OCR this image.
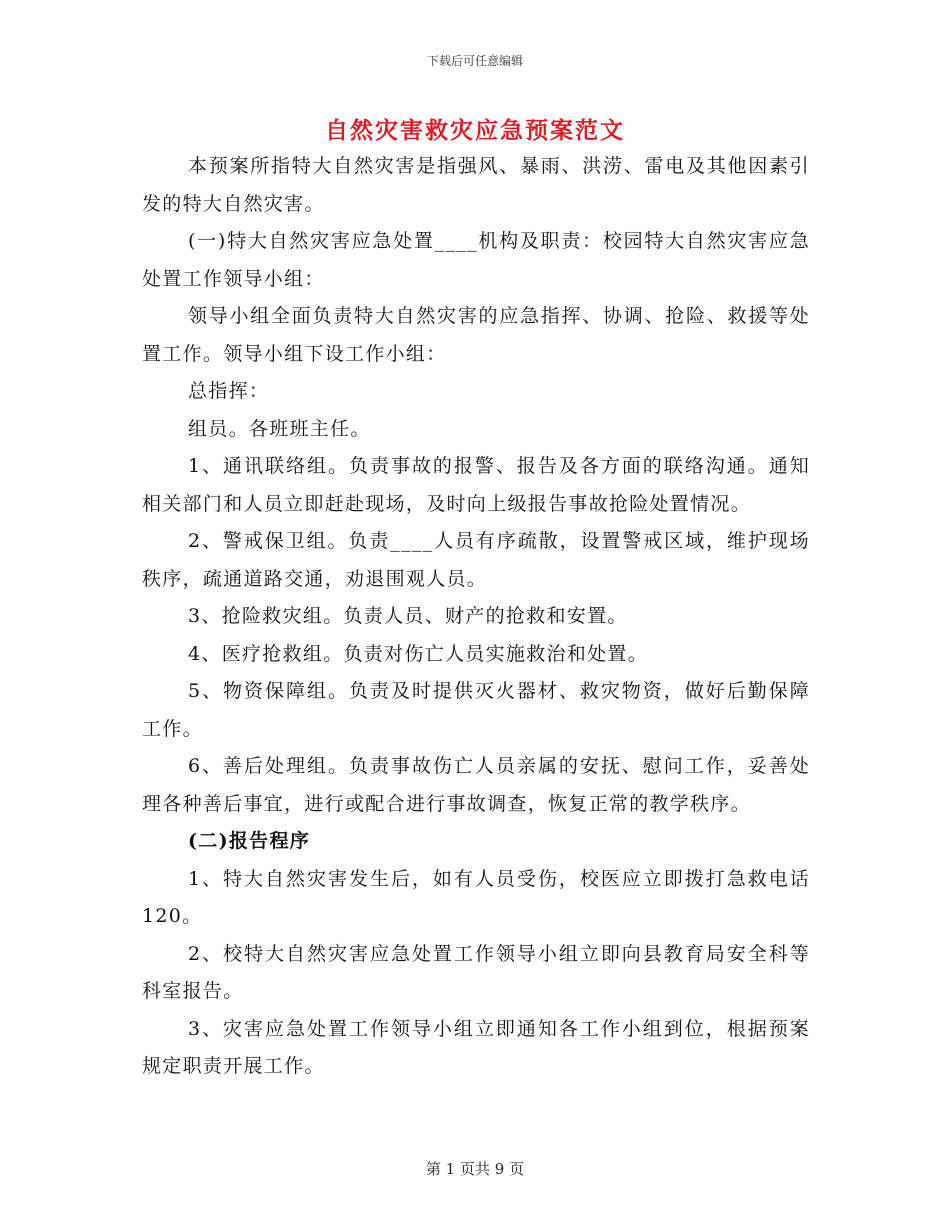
下载后可任意编辑
自然灾害救灾应急预案范文

本预案所指特大自然灾害是指强风、暴雨、洪涝、雷电及其他因素引发的特大自然灾害。

(一)特大自然灾害应急处置____机构及职责：校园特大自然灾害应急处置工作领导小组：

领导小组全面负责特大自然灾害的应急指挥、协调、抢险、救援等处置工作。领导小组下设工作小组：

总指挥：

组员。各班班主任。

1、通讯联络组。负责事故的报警、报告及各方面的联络沟通。通知相关部门和人员立即赶赴现场，及时向上级报告事故抢险处置情况。

2、警戒保卫组。负责____人员有序疏散，设置警戒区域，维护现场秩序，疏通道路交通，劝退围观人员。

3、抢险救灾组。负责人员、财产的抢救和安置。

4、医疗抢救组。负责对伤亡人员实施救治和处置。

5、物资保障组。负责及时提供灭火器材、救灾物资，做好后勤保障工作。

6、善后处理组。负责事故伤亡人员亲属的安抚、慰问工作，妥善处理各种善后事宜，进行或配合进行事故调查，恢复正常的教学秩序。

(二)报告程序

1、特大自然灾害发生后，如有人员受伤，校医应立即拨打急救电话120。

2、校特大自然灾害应急处置工作领导小组立即向县教育局安全科等科室报告。

3、灾害应急处置工作领导小组立即通知各工作小组到位，根据预案规定职责开展工作。

第 1 页共 9 页
